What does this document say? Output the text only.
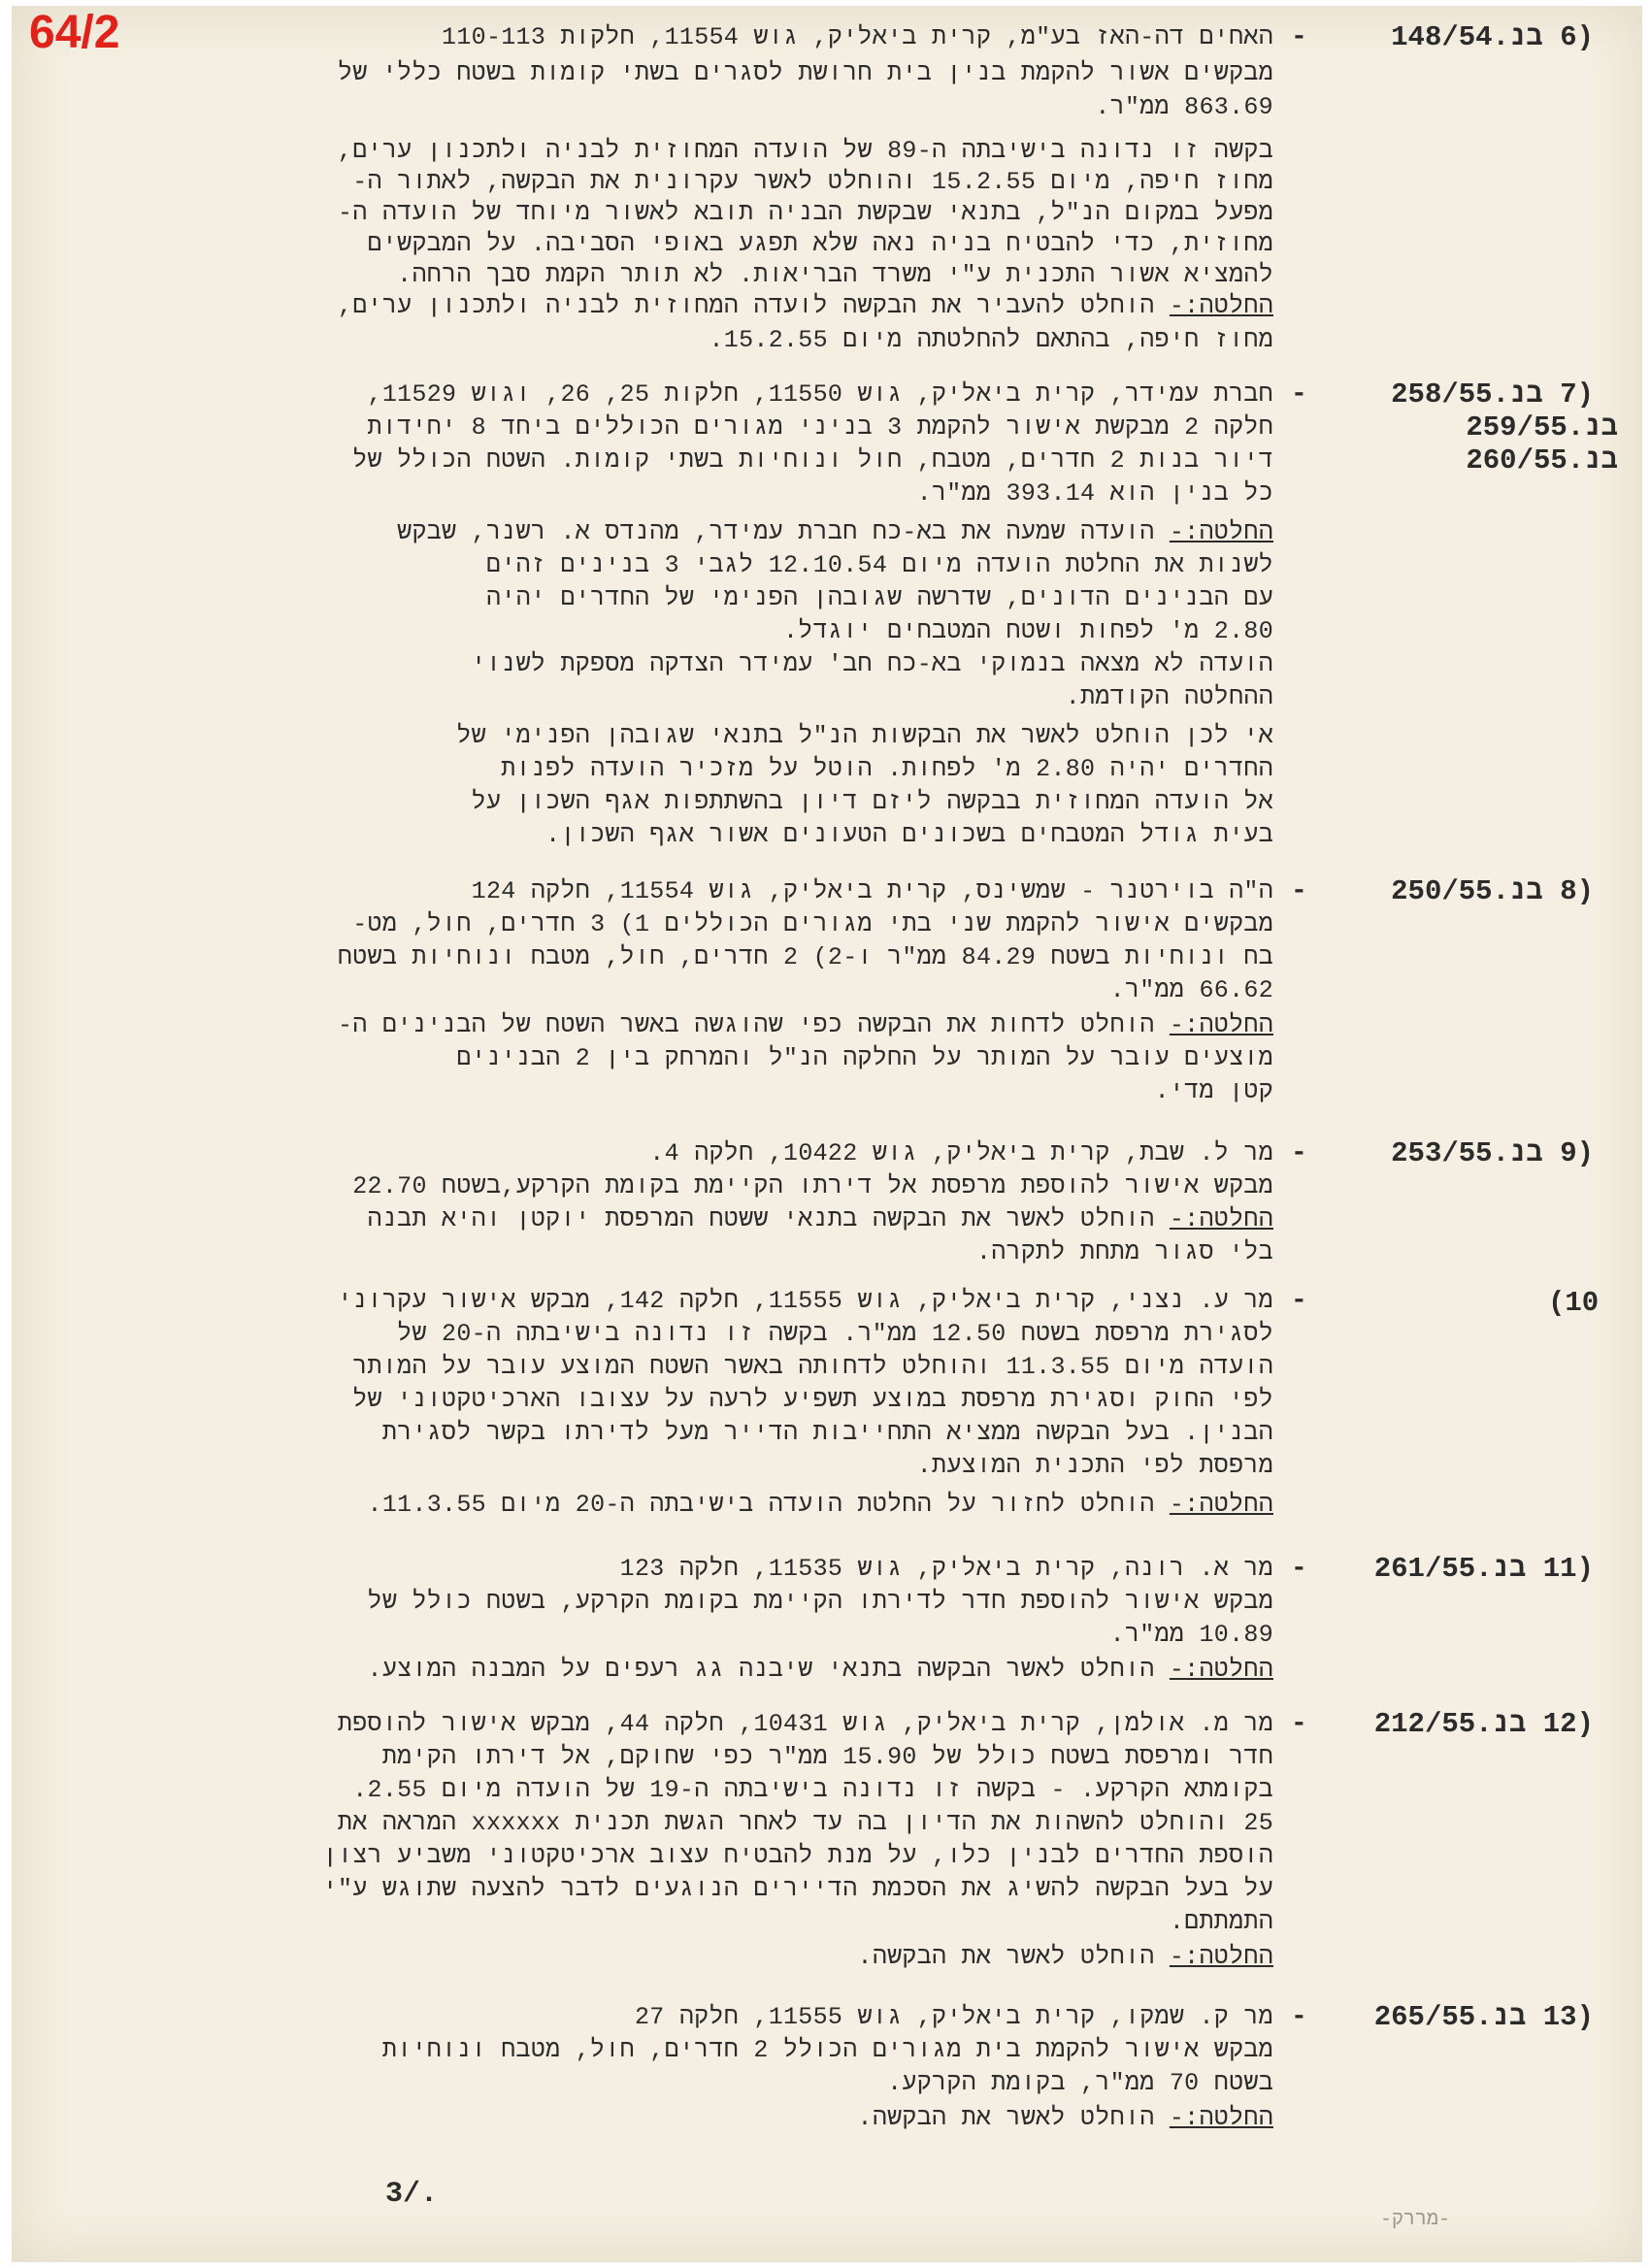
64/2	(6 בנ.148/54
-
האחים דה-האז בע"מ, קרית ביאליק, גוש 11554, חלקות 110-113
מבקשים אשור להקמת בנין בית חרושת לסגרים בשתי קומות בשטח כללי של
863.69 ממ"ר.
בקשה זו נדונה בישיבתה ה-89 של הועדה המחוזית לבניה ולתכנון ערים,
מחוז חיפה, מיום 15.2.55 והוחלט לאשר עקרונית את הבקשה, לאתור ה-
מפעל במקום הנ"ל, בתנאי שבקשת הבניה תובא לאשור מיוחד של הועדה ה-
מחוזית, כדי להבטיח בניה נאה שלא תפגע באופי הסביבה. על המבקשים
להמציא אשור התכנית ע"י משרד הבריאות. לא תותר הקמת סבך הרחה.
החלטה:- הוחלט להעביר את הבקשה לועדה המחוזית לבניה ולתכנון ערים,
מחוז חיפה, בהתאם להחלטתה מיום 15.2.55.
(7 בנ.258/55
בנ.259/55
בנ.260/55
-
חברת עמידר, קרית ביאליק, גוש 11550, חלקות 25, 26, וגוש 11529,
חלקה 2 מבקשת אישור להקמת 3 בניני מגורים הכוללים ביחד 8 יחידות
דיור בנות 2 חדרים, מטבח, חול ונוחיות בשתי קומות. השטח הכולל של
כל בנין הוא 393.14 ממ"ר.
החלטה:- הועדה שמעה את בא-כח חברת עמידר, מהנדס א. רשנר, שבקש
לשנות את החלטת הועדה מיום 12.10.54 לגבי 3 בנינים זהים
עם הבנינים הדונים, שדרשה שגובהן הפנימי של החדרים יהיה
2.80 מ' לפחות ושטח המטבחים יוגדל.
הועדה לא מצאה בנמוקי בא-כח חב' עמידר הצדקה מספקת לשנוי
ההחלטה הקודמת.
אי לכן הוחלט לאשר את הבקשות הנ"ל בתנאי שגובהן הפנימי של
החדרים יהיה 2.80 מ' לפחות. הוטל על מזכיר הועדה לפנות
אל הועדה המחוזית בבקשה ליזם דיון בהשתתפות אגף השכון על
בעית גודל המטבחים בשכונים הטעונים אשור אגף השכון.
(8 בנ.250/55
-
ה"ה בוירטנר - שמשינס, קרית ביאליק, גוש 11554, חלקה 124
מבקשים אישור להקמת שני בתי מגורים הכוללים 1) 3 חדרים, חול, מט-
בח ונוחיות בשטח 84.29 ממ"ר ו-2) 2 חדרים, חול, מטבח ונוחיות בשטח
66.62 ממ"ר.
החלטה:- הוחלט לדחות את הבקשה כפי שהוגשה באשר השטח של הבנינים ה-
מוצעים עובר על המותר על החלקה הנ"ל והמרחק בין 2 הבנינים
קטן מדי.
(9 בנ.253/55
-
מר ל. שבת, קרית ביאליק, גוש 10422, חלקה 4.
מבקש אישור להוספת מרפסת אל דירתו הקיימת בקומת הקרקע,בשטח 22.70
החלטה:- הוחלט לאשר את הבקשה בתנאי ששטח המרפסת יוקטן והיא תבנה
בלי סגור מתחת לתקרה.
(10
-
מר ע. נצני, קרית ביאליק, גוש 11555, חלקה 142, מבקש אישור עקרוני
לסגירת מרפסת בשטח 12.50 ממ"ר. בקשה זו נדונה בישיבתה ה-20 של
הועדה מיום 11.3.55 והוחלט לדחותה באשר השטח המוצע עובר על המותר
לפי החוק וסגירת מרפסת במוצע תשפיע לרעה על עצובו הארכיטקטוני של
הבנין. בעל הבקשה ממציא התחייבות הדייר מעל לדירתו בקשר לסגירת
מרפסת לפי התכנית המוצעת.
החלטה:- הוחלט לחזור על החלטת הועדה בישיבתה ה-20 מיום 11.3.55.
(11 בנ.261/55
-
מר א. רונה, קרית ביאליק, גוש 11535, חלקה 123
מבקש אישור להוספת חדר לדירתו הקיימת בקומת הקרקע, בשטח כולל של
10.89 ממ"ר.
החלטה:- הוחלט לאשר הבקשה בתנאי שיבנה גג רעפים על המבנה המוצע.
(12 בנ.212/55
-
מר מ. אולמן, קרית ביאליק, גוש 10431, חלקה 44, מבקש אישור להוספת
חדר ומרפסת בשטח כולל של 15.90 ממ"ר כפי שחוקם, אל דירתו הקימת
בקומתא הקרקע. - בקשה זו נדונה בישיבתה ה-19 של הועדה מיום 2.55.
25 והוחלט להשהות את הדיון בה עד לאחר הגשת תכנית xxxxxx המראה את
הוספת החדרים לבנין כלו, על מנת להבטיח עצוב ארכיטקטוני משביע רצון
על בעל הבקשה להשיג את הסכמת הדיירים הנוגעים לדבר להצעה שתוגש ע"י
התמתתם.
החלטה:- הוחלט לאשר את הבקשה.
(13 בנ.265/55
-
מר ק. שמקו, קרית ביאליק, גוש 11555, חלקה 27
מבקש אישור להקמת בית מגורים הכולל 2 חדרים, חול, מטבח ונוחיות
בשטח 70 ממ"ר, בקומת הקרקע.
החלטה:- הוחלט לאשר את הבקשה.
3/.
-מררק-
